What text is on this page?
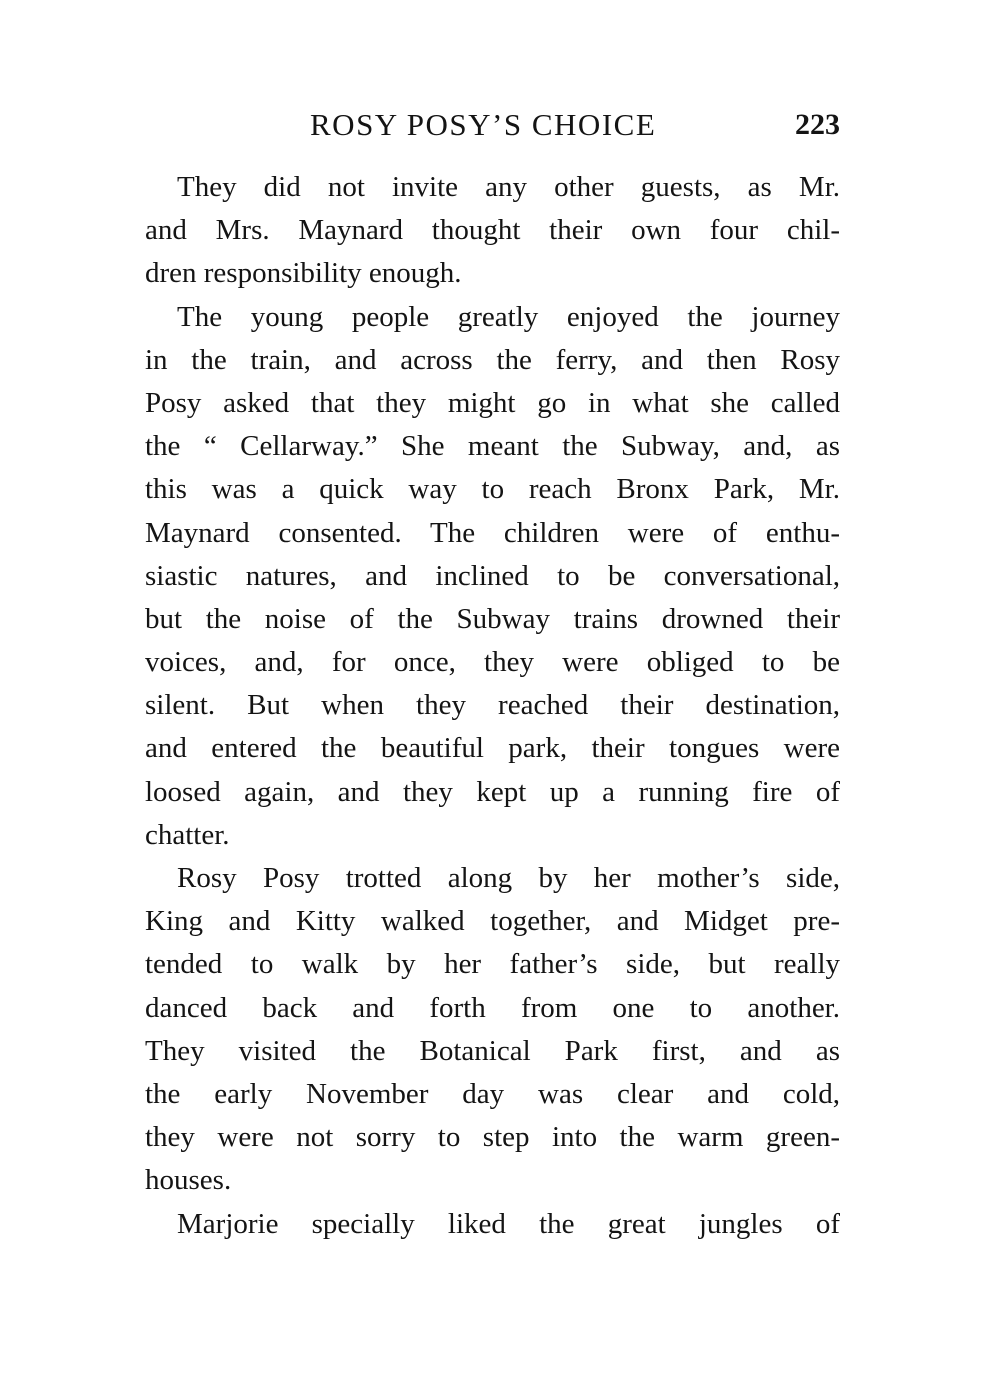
ROSY POSY’S CHOICE	223
They did not invite any other guests, as Mr.
and Mrs. Maynard thought their own four chil-
dren responsibility enough.
The young people greatly enjoyed the journey
in the train, and across the ferry, and then Rosy
Posy asked that they might go in what she called
the “ Cellarway.” She meant the Subway, and, as
this was a quick way to reach Bronx Park, Mr.
Maynard consented. The children were of enthu-
siastic natures, and inclined to be conversational,
but the noise of the Subway trains drowned their
voices, and, for once, they were obliged to be
silent. But when they reached their destination,
and entered the beautiful park, their tongues were
loosed again, and they kept up a running fire of
chatter.
Rosy Posy trotted along by her mother’s side,
King and Kitty walked together, and Midget pre-
tended to walk by her father’s side, but really
danced back and forth from one to another.
They visited the Botanical Park first, and as
the early November day was clear and cold,
they were not sorry to step into the warm green-
houses.
Marjorie specially liked the great jungles of
